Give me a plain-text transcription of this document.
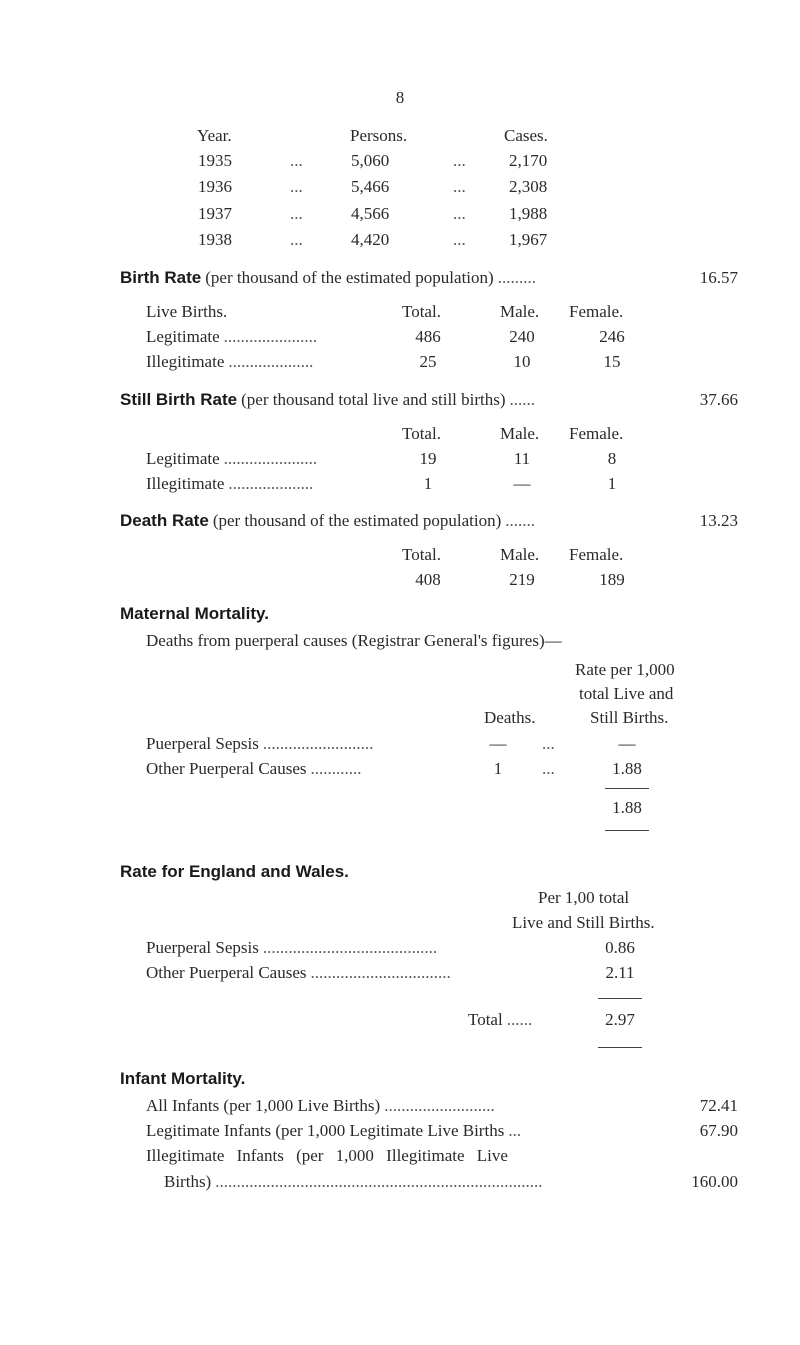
8
Year.	Persons.	Cases.
1935	...	5,060	...	2,170
1936	...	5,466	...	2,308
1937	...	4,566	...	1,988
1938	...	4,420	...	1,967
Birth Rate (per thousand of the estimated population) .........	16.57
Live Births.	Total.	Male. Female.
Legitimate ......................	486	240	246
Illegitimate ....................	25	10	15
Still Birth Rate (per thousand total live and still births) ......	37.66
Total.	Male. Female.
Legitimate ......................	19	11	8
Illegitimate ....................	1	—	1
Death Rate (per thousand of the estimated population) .......	13.23
Total.	Male. Female.
408	219	189
Maternal Mortality.
Deaths from puerperal causes (Registrar General's figures)—
Rate per 1,000
total Live and
Deaths.	Still Births.
Puerperal Sepsis ..........................	—	...	—
Other Puerperal Causes ............	1	...	1.88
1.88
Rate for England and Wales.
Per 1,00 total
Live and Still Births.
Puerperal Sepsis .........................................	0.86
Other Puerperal Causes .................................	2.11
Total ......	2.97
Infant Mortality.
All Infants (per 1,000 Live Births) ..........................	72.41
Legitimate Infants (per 1,000 Legitimate Live Births ...	67.90
Illegitimate Infants (per 1,000 Illegitimate Live
Births) .............................................................................	160.00
